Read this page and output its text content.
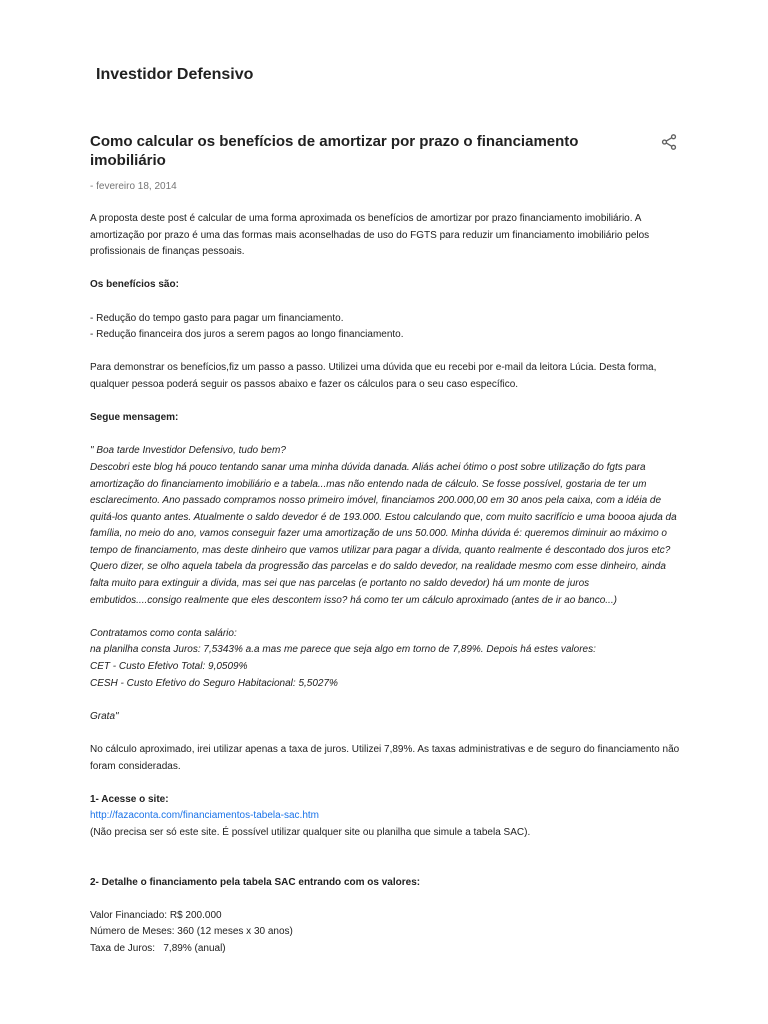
Investidor Defensivo
Como calcular os benefícios de amortizar por prazo o financiamento imobiliário
- fevereiro 18, 2014

A proposta deste post é calcular de uma forma aproximada os benefícios de amortizar por prazo financiamento imobiliário. A amortização por prazo é uma das formas mais aconselhadas de uso do FGTS para reduzir um financiamento imobiliário pelos profissionais de finanças pessoais.

Os benefícios são:

- Redução do tempo gasto para pagar um financiamento.

- Redução financeira dos juros a serem pagos ao longo financiamento.

Para demonstrar os benefícios,fiz um passo a passo. Utilizei uma dúvida que eu recebi por e-mail da leitora Lúcia. Desta forma, qualquer pessoa poderá seguir os passos abaixo e fazer os cálculos para o seu caso específico.

Segue mensagem:

" Boa tarde Investidor Defensivo, tudo bem?

Descobri este blog há pouco tentando sanar uma minha dúvida danada. Aliás achei ótimo o post sobre utilização do fgts para amortização do financiamento imobiliário e a tabela...mas não entendo nada de cálculo. Se fosse possível, gostaria de ter um esclarecimento. Ano passado compramos nosso primeiro imóvel, financiamos 200.000,00 em 30 anos pela caixa, com a idéia de quitá-los quanto antes. Atualmente o saldo devedor é de 193.000. Estou calculando que, com muito sacrifício e uma boooa ajuda da família, no meio do ano, vamos conseguir fazer uma amortização de uns 50.000. Minha dúvida é: queremos diminuir ao máximo o tempo de financiamento, mas deste dinheiro que vamos utilizar para pagar a dívida, quanto realmente é descontado dos juros etc? Quero dizer, se olho aquela tabela da progressão das parcelas e do saldo devedor, na realidade mesmo com esse dinheiro, ainda falta muito para extinguir a divida, mas sei que nas parcelas (e portanto no saldo devedor) há um monte de juros embutidos....consigo realmente que eles descontem isso? há como ter um cálculo aproximado (antes de ir ao banco...)

Contratamos como conta salário:

na planilha consta Juros: 7,5343% a.a mas me parece que seja algo em torno de 7,89%. Depois há estes valores:

CET - Custo Efetivo Total: 9,0509%

CESH - Custo Efetivo do Seguro Habitacional: 5,5027%

Grata"

No cálculo aproximado, irei utilizar apenas a taxa de juros. Utilizei 7,89%. As taxas administrativas e de seguro do financiamento não foram consideradas.

1- Acesse o site:

http://fazaconta.com/financiamentos-tabela-sac.htm

(Não precisa ser só este site. É possível utilizar qualquer site ou planilha que simule a tabela SAC).

2- Detalhe o financiamento pela tabela SAC entrando com os valores:

Valor Financiado: R$ 200.000

Número de Meses: 360 (12 meses x 30 anos)

Taxa de Juros:   7,89% (anual)
